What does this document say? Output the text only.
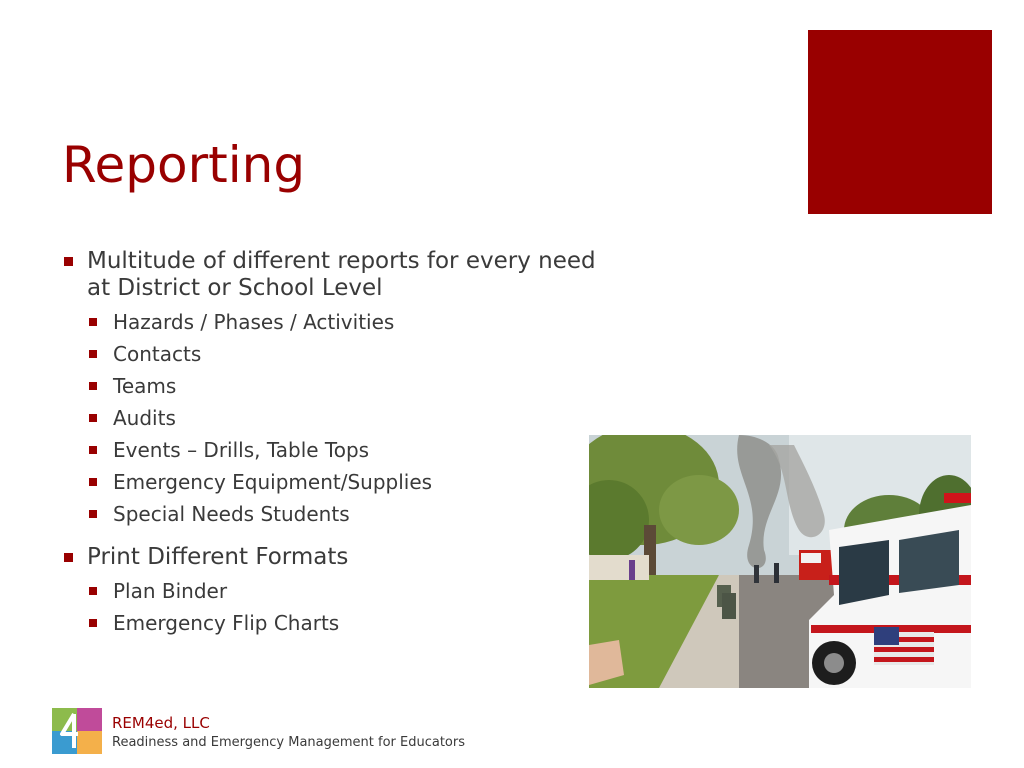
Reporting
Multitude of different reports for every need at District or School Level
Hazards / Phases / Activities
Contacts
Teams
Audits
Events – Drills, Table Tops
Emergency Equipment/Supplies
Special Needs Students
Print Different Formats
Plan Binder
Emergency Flip Charts
REM4ed, LLC
Readiness and Emergency Management for Educators
